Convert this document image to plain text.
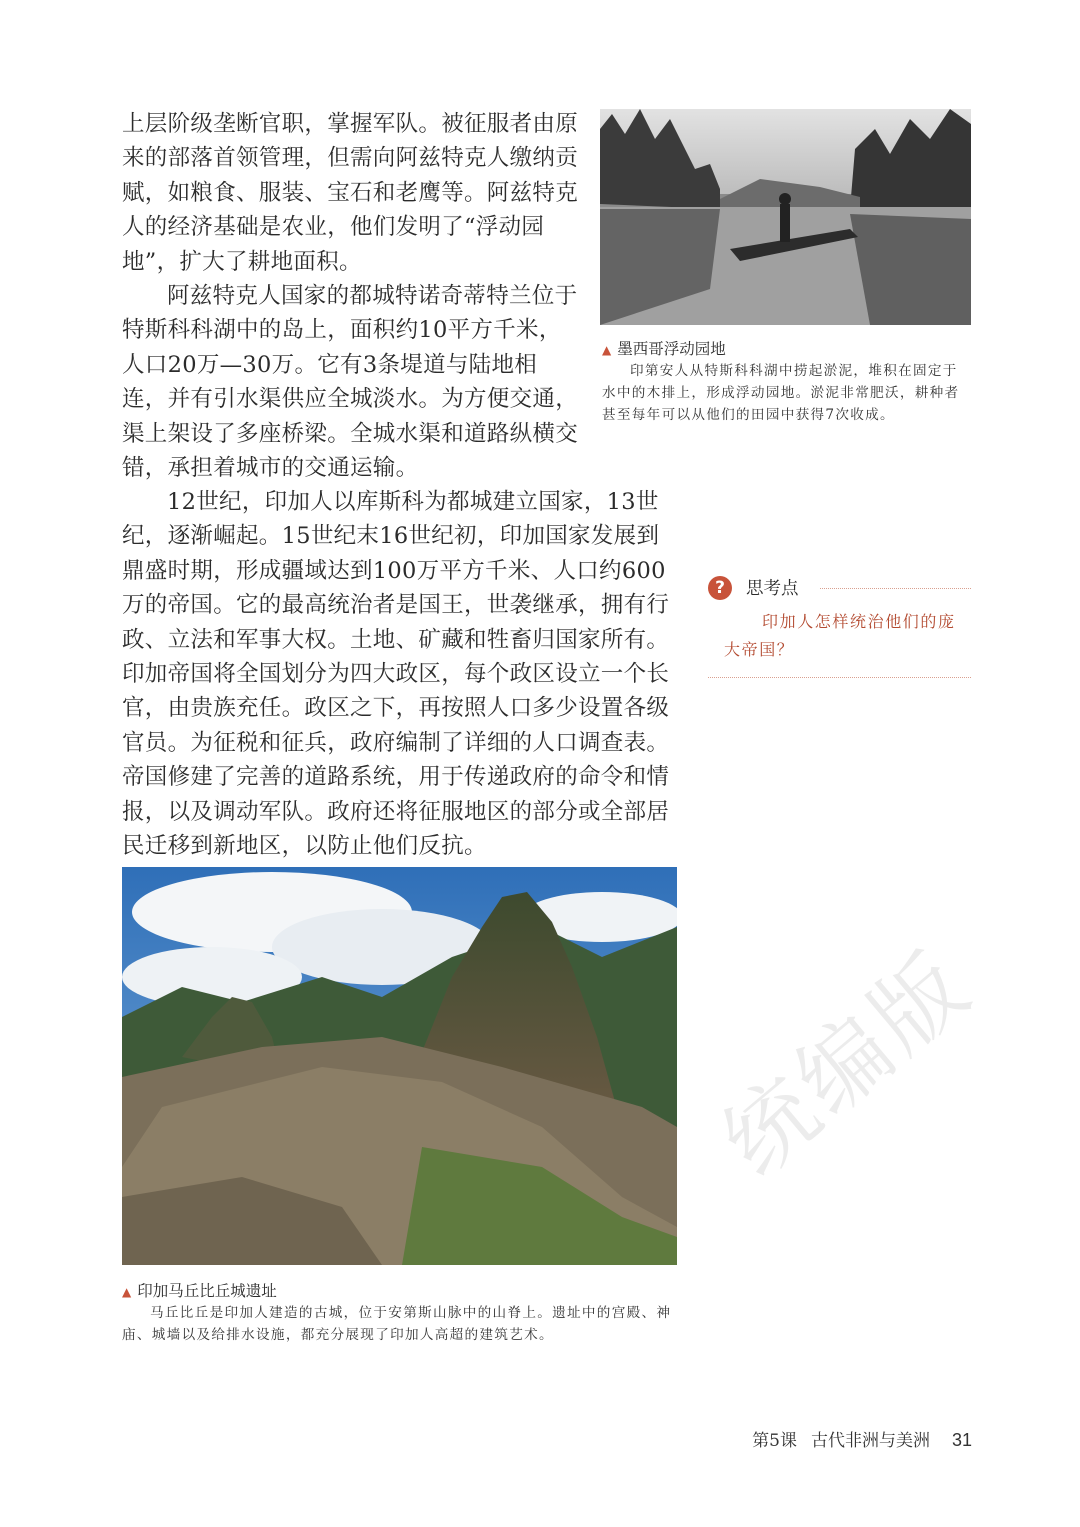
上层阶级垄断官职，掌握军队。被征服者由原来的部落首领管理，但需向阿兹特克人缴纳贡赋，如粮食、服装、宝石和老鹰等。阿兹特克人的经济基础是农业，他们发明了“浮动园地”，扩大了耕地面积。

阿兹特克人国家的都城特诺奇蒂特兰位于特斯科科湖中的岛上，面积约10平方千米，人口20万—30万。它有3条堤道与陆地相连，并有引水渠供应全城淡水。为方便交通，渠上架设了多座桥梁。全城水渠和道路纵横交错，承担着城市的交通运输。

12世纪，印加人以库斯科为都城建立国家，13世纪，逐渐崛起。15世纪末16世纪初，印加国家发展到鼎盛时期，形成疆域达到100万平方千米、人口约600万的帝国。它的最高统治者是国王，世袭继承，拥有行政、立法和军事大权。土地、矿藏和牲畜归国家所有。印加帝国将全国划分为四大政区，每个政区设立一个长官，由贵族充任。政区之下，再按照人口多少设置各级官员。为征税和征兵，政府编制了详细的人口调查表。帝国修建了完善的道路系统，用于传递政府的命令和情报，以及调动军队。政府还将征服地区的部分或全部居民迁移到新地区，以防止他们反抗。

▲ 墨西哥浮动园地

印第安人从特斯科科湖中捞起淤泥，堆积在固定于水中的木排上，形成浮动园地。淤泥非常肥沃，耕种者甚至每年可以从他们的田园中获得7次收成。

?	思考点

印加人怎样统治他们的庞大帝国？

▲ 印加马丘比丘城遗址

马丘比丘是印加人建造的古城，位于安第斯山脉中的山脊上。遗址中的宫殿、神庙、城墙以及给排水设施，都充分展现了印加人高超的建筑艺术。

统编版
第5课 古代非洲与美洲 31
